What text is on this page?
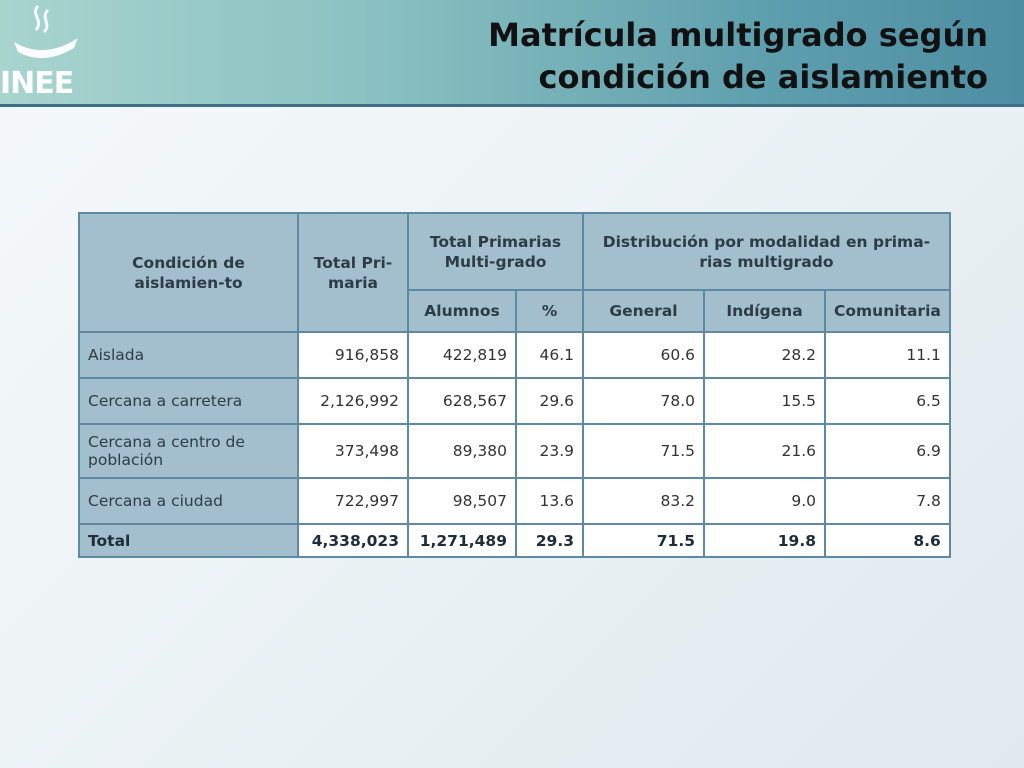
INEE
Matrícula multigrado según
condición de aislamiento
Condición de aislamien-to	Total Pri-maria	Total Primarias Multi-grado		Distribución por modalidad en prima-rias multigrado		
		Alumnos	%	General	Indígena	Comunitaria
Aislada	916,858	422,819	46.1	60.6	28.2	11.1
Cercana a carretera	2,126,992	628,567	29.6	78.0	15.5	6.5
Cercana a centro de población	373,498	89,380	23.9	71.5	21.6	6.9
Cercana a ciudad	722,997	98,507	13.6	83.2	9.0	7.8
Total	4,338,023	1,271,489	29.3	71.5	19.8	8.6
